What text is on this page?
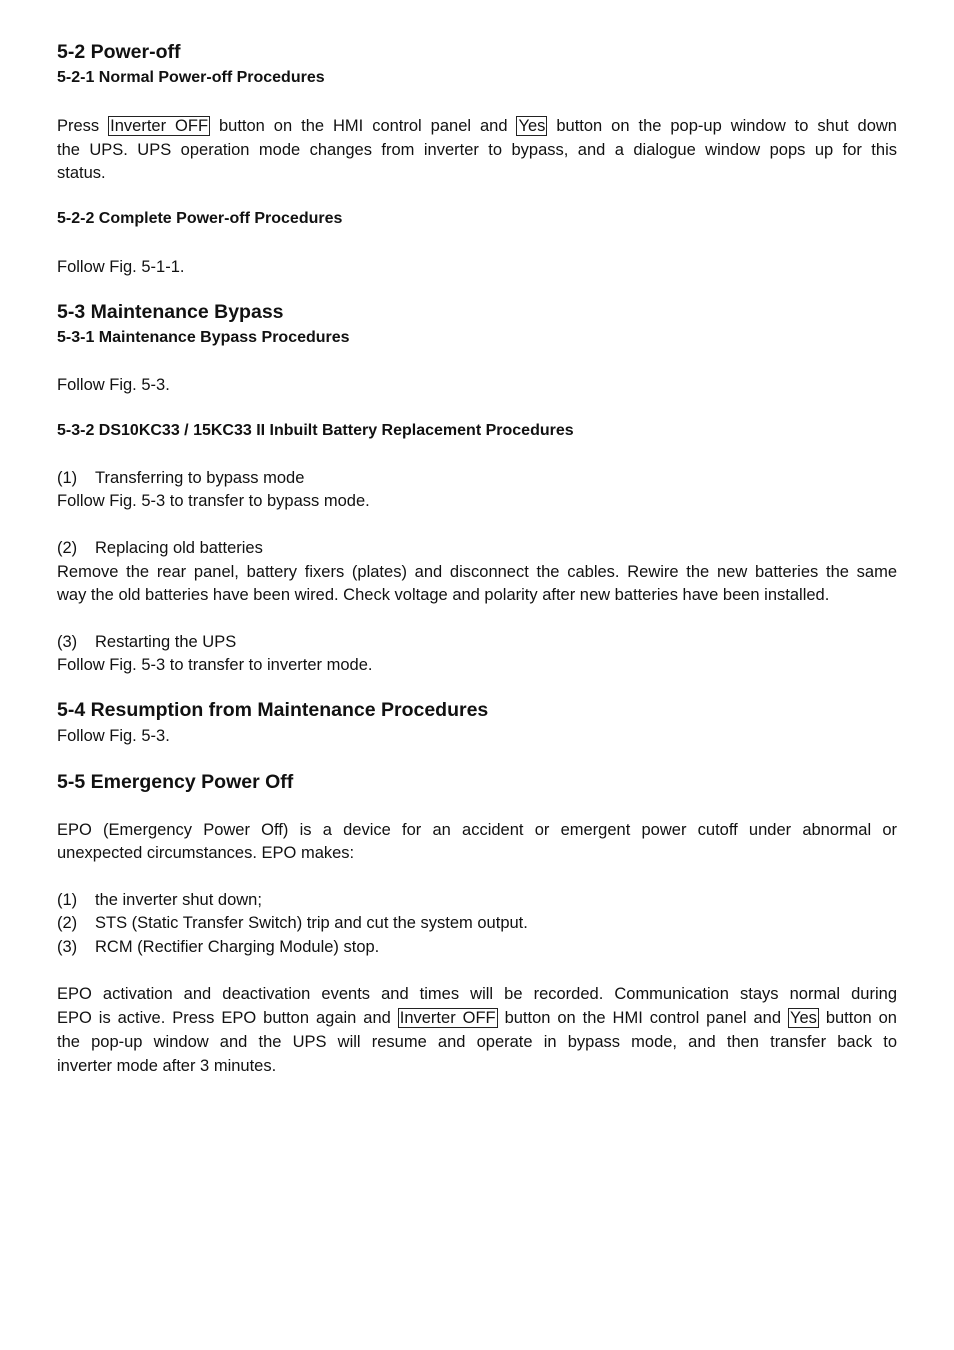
5-2 Power-off
5-2-1 Normal Power-off Procedures
Press Inverter OFF button on the HMI control panel and Yes button on the pop-up window to shut down
the UPS. UPS operation mode changes from inverter to bypass, and a dialogue window pops up for this
status.
5-2-2 Complete Power-off Procedures
Follow Fig. 5-1-1.
5-3 Maintenance Bypass
5-3-1 Maintenance Bypass Procedures
Follow Fig. 5-3.
5-3-2 DS10KC33 / 15KC33 II Inbuilt Battery Replacement Procedures
(1) Transferring to bypass mode
Follow Fig. 5-3 to transfer to bypass mode.
(2) Replacing old batteries
Remove the rear panel, battery fixers (plates) and disconnect the cables. Rewire the new batteries the same
way the old batteries have been wired. Check voltage and polarity after new batteries have been installed.
(3) Restarting the UPS
Follow Fig. 5-3 to transfer to inverter mode.
5-4 Resumption from Maintenance Procedures
Follow Fig. 5-3.
5-5 Emergency Power Off
EPO (Emergency Power Off) is a device for an accident or emergent power cutoff under abnormal or
unexpected circumstances. EPO makes:
(1) the inverter shut down;
(2) STS (Static Transfer Switch) trip and cut the system output.
(3) RCM (Rectifier Charging Module) stop.
EPO activation and deactivation events and times will be recorded. Communication stays normal during
EPO is active. Press EPO button again and Inverter OFF button on the HMI control panel and Yes button on
the pop-up window and the UPS will resume and operate in bypass mode, and then transfer back to
inverter mode after 3 minutes.
